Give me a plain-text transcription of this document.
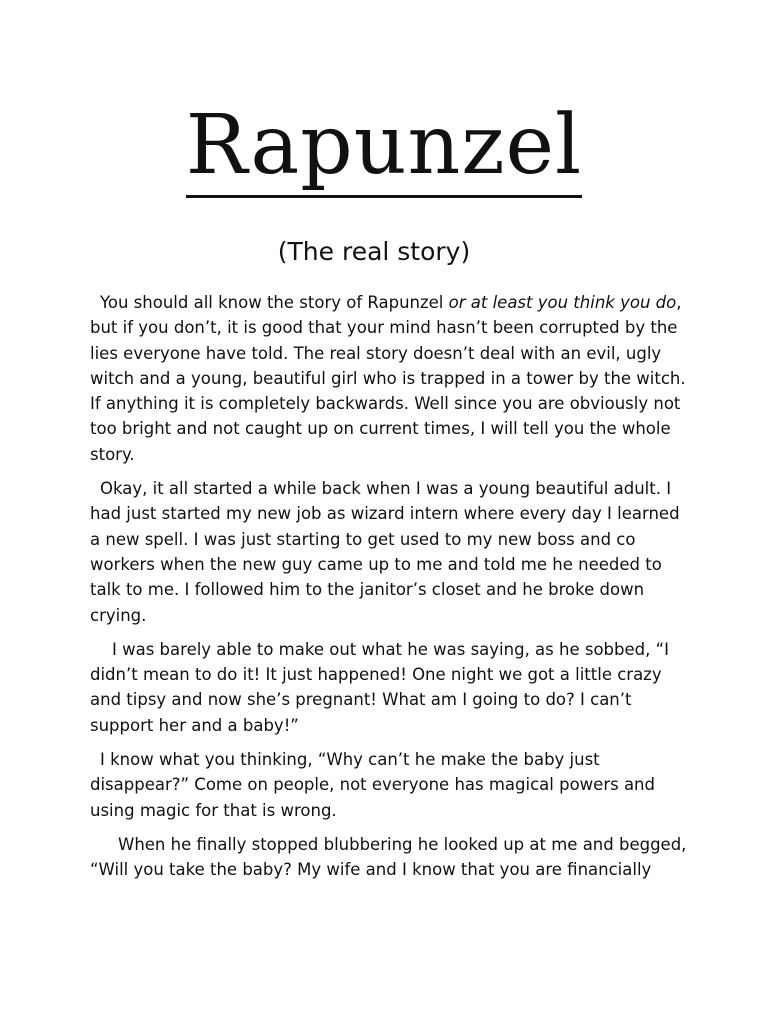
Rapunzel
(The real story)

You should all know the story of Rapunzel or at least you think you do, but if you don’t, it is good that your mind hasn’t been corrupted by the lies everyone have told. The real story doesn’t deal with an evil, ugly witch and a young, beautiful girl who is trapped in a tower by the witch. If anything it is completely backwards. Well since you are obviously not too bright and not caught up on current times, I will tell you the whole story.

Okay, it all started a while back when I was a young beautiful adult. I had just started my new job as wizard intern where every day I learned a new spell. I was just starting to get used to my new boss and co workers when the new guy came up to me and told me he needed to talk to me. I followed him to the janitor’s closet and he broke down crying.

I was barely able to make out what he was saying, as he sobbed, “I didn’t mean to do it! It just happened! One night we got a little crazy and tipsy and now she’s pregnant! What am I going to do? I can’t support her and a baby!”

I know what you thinking, “Why can’t he make the baby just disappear?” Come on people, not everyone has magical powers and using magic for that is wrong.

When he finally stopped blubbering he looked up at me and begged, “Will you take the baby? My wife and I know that you are financially
